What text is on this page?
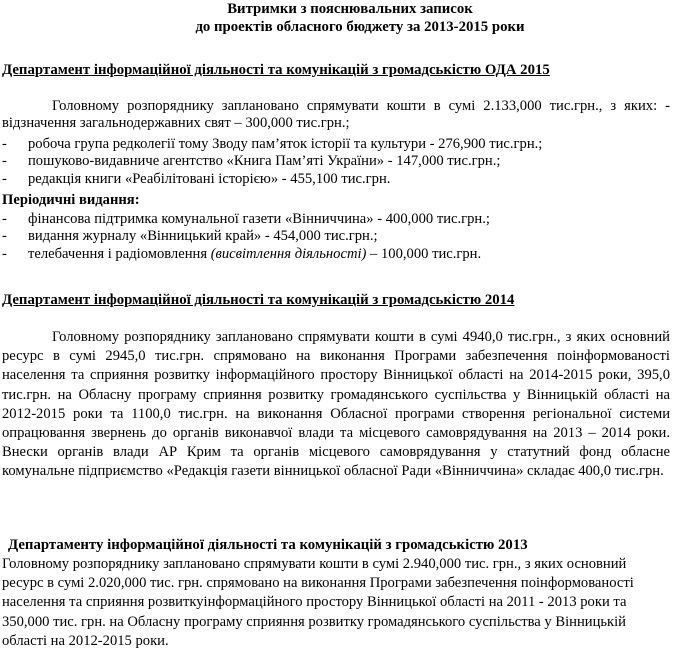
Витримки з пояснювальних записок
до проектів обласного бюджету за 2013-2015 роки
Департамент інформаційної діяльності та комунікацій з громадськістю ОДА 2015
Головному розпоряднику заплановано спрямувати кошти в сумі 2.133,000 тис.грн., з яких: - відзначення загальнодержавних свят – 300,000 тис.грн.;
- робоча група редколегії тому Зводу пам’яток історії та культури - 276,900 тис.грн.;
- пошуково-видавниче агентство «Книга Пам’яті України» - 147,000 тис.грн.;
- редакція книги «Реабілітовані історією» - 455,100 тис.грн.
Періодичні видання:
- фінансова підтримка комунальної газети «Вінниччина» - 400,000 тис.грн.;
- видання журналу «Вінницький край» - 454,000 тис.грн.;
- телебачення і радіомовлення (висвітлення діяльності) – 100,000 тис.грн.
Департамент інформаційної діяльності та комунікацій з громадськістю 2014
Головному розпоряднику заплановано спрямувати кошти в сумі 4940,0 тис.грн., з яких основний ресурс в сумі 2945,0 тис.грн. спрямовано на виконання Програми забезпечення поінформованості населення та сприяння розвитку інформаційного простору Вінницької області на 2014-2015 роки, 395,0 тис.грн. на Обласну програму сприяння розвитку громадянського суспільства у Вінницькій області на 2012-2015 роки та 1100,0 тис.грн. на виконання Обласної програми створення регіональної системи опрацювання звернень до органів виконавчої влади та місцевого самоврядування на 2013 – 2014 роки. Внески органів влади АР Крим та органів місцевого самоврядування у статутний фонд обласне комунальне підприємство «Редакція газети вінницької обласної Ради «Вінниччина» складає 400,0 тис.грн.
Департаменту інформаційної діяльності та комунікацій з громадськістю 2013
Головному розпоряднику заплановано спрямувати кошти в сумі 2.940,000 тис. грн., з яких основний ресурс в сумі 2.020,000 тис. грн. спрямовано на виконання Програми забезпечення поінформованості населення та сприяння розвиткуінформаційного простору Вінницької області на 2011 - 2013 роки та 350,000 тис. грн. на Обласну програму сприяння розвитку громадянського суспільства у Вінницькій області на 2012-2015 роки.
